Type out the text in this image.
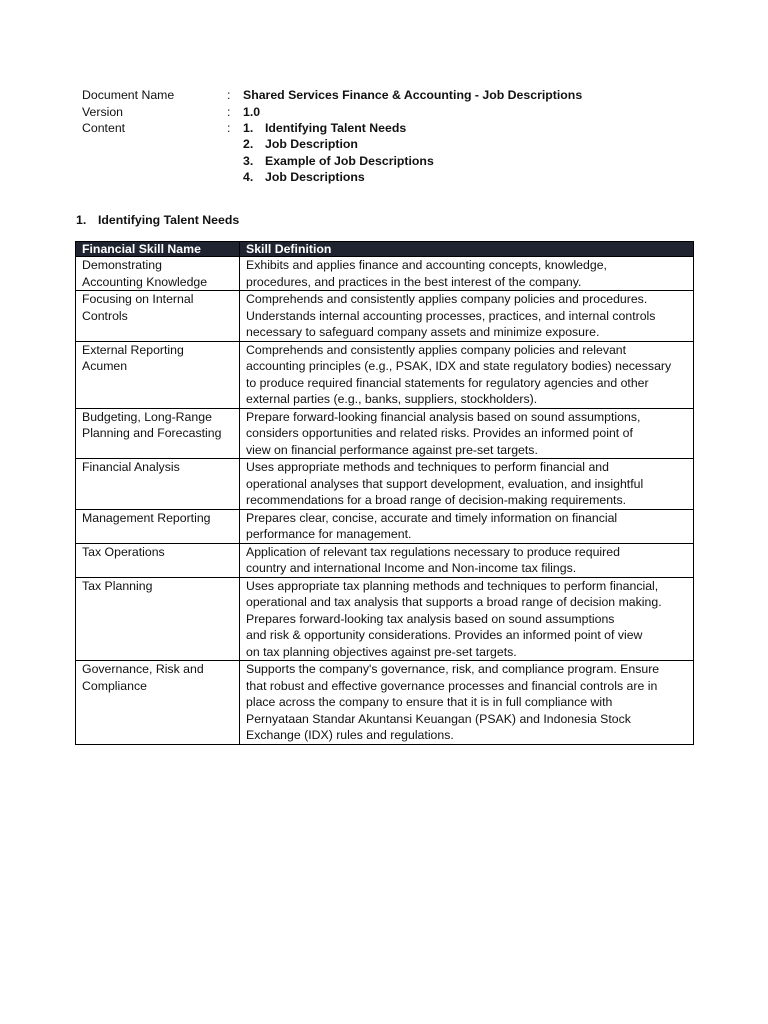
Document Name	:	Shared Services Finance & Accounting - Job Descriptions
Version	:	1.0
Content	:	1. Identifying Talent Needs
2. Job Description
3. Example of Job Descriptions
4. Job Descriptions
1. Identifying Talent Needs
Financial Skill Name	Skill Definition
Demonstrating
Accounting Knowledge	Exhibits and applies finance and accounting concepts, knowledge,
procedures, and practices in the best interest of the company.
Focusing on Internal
Controls	Comprehends and consistently applies company policies and procedures.
Understands internal accounting processes, practices, and internal controls
necessary to safeguard company assets and minimize exposure.
External Reporting
Acumen	Comprehends and consistently applies company policies and relevant
accounting principles (e.g., PSAK, IDX and state regulatory bodies) necessary
to produce required financial statements for regulatory agencies and other
external parties (e.g., banks, suppliers, stockholders).
Budgeting, Long-Range
Planning and Forecasting	Prepare forward-looking financial analysis based on sound assumptions,
considers opportunities and related risks. Provides an informed point of
view on financial performance against pre-set targets.
Financial Analysis	Uses appropriate methods and techniques to perform financial and
operational analyses that support development, evaluation, and insightful
recommendations for a broad range of decision-making requirements.
Management Reporting	Prepares clear, concise, accurate and timely information on financial
performance for management.
Tax Operations	Application of relevant tax regulations necessary to produce required
country and international Income and Non-income tax filings.
Tax Planning	Uses appropriate tax planning methods and techniques to perform financial,
operational and tax analysis that supports a broad range of decision making.
Prepares forward-looking tax analysis based on sound assumptions
and risk & opportunity considerations. Provides an informed point of view
on tax planning objectives against pre-set targets.
Governance, Risk and
Compliance	Supports the company's governance, risk, and compliance program. Ensure
that robust and effective governance processes and financial controls are in
place across the company to ensure that it is in full compliance with
Pernyataan Standar Akuntansi Keuangan (PSAK) and Indonesia Stock
Exchange (IDX) rules and regulations.
